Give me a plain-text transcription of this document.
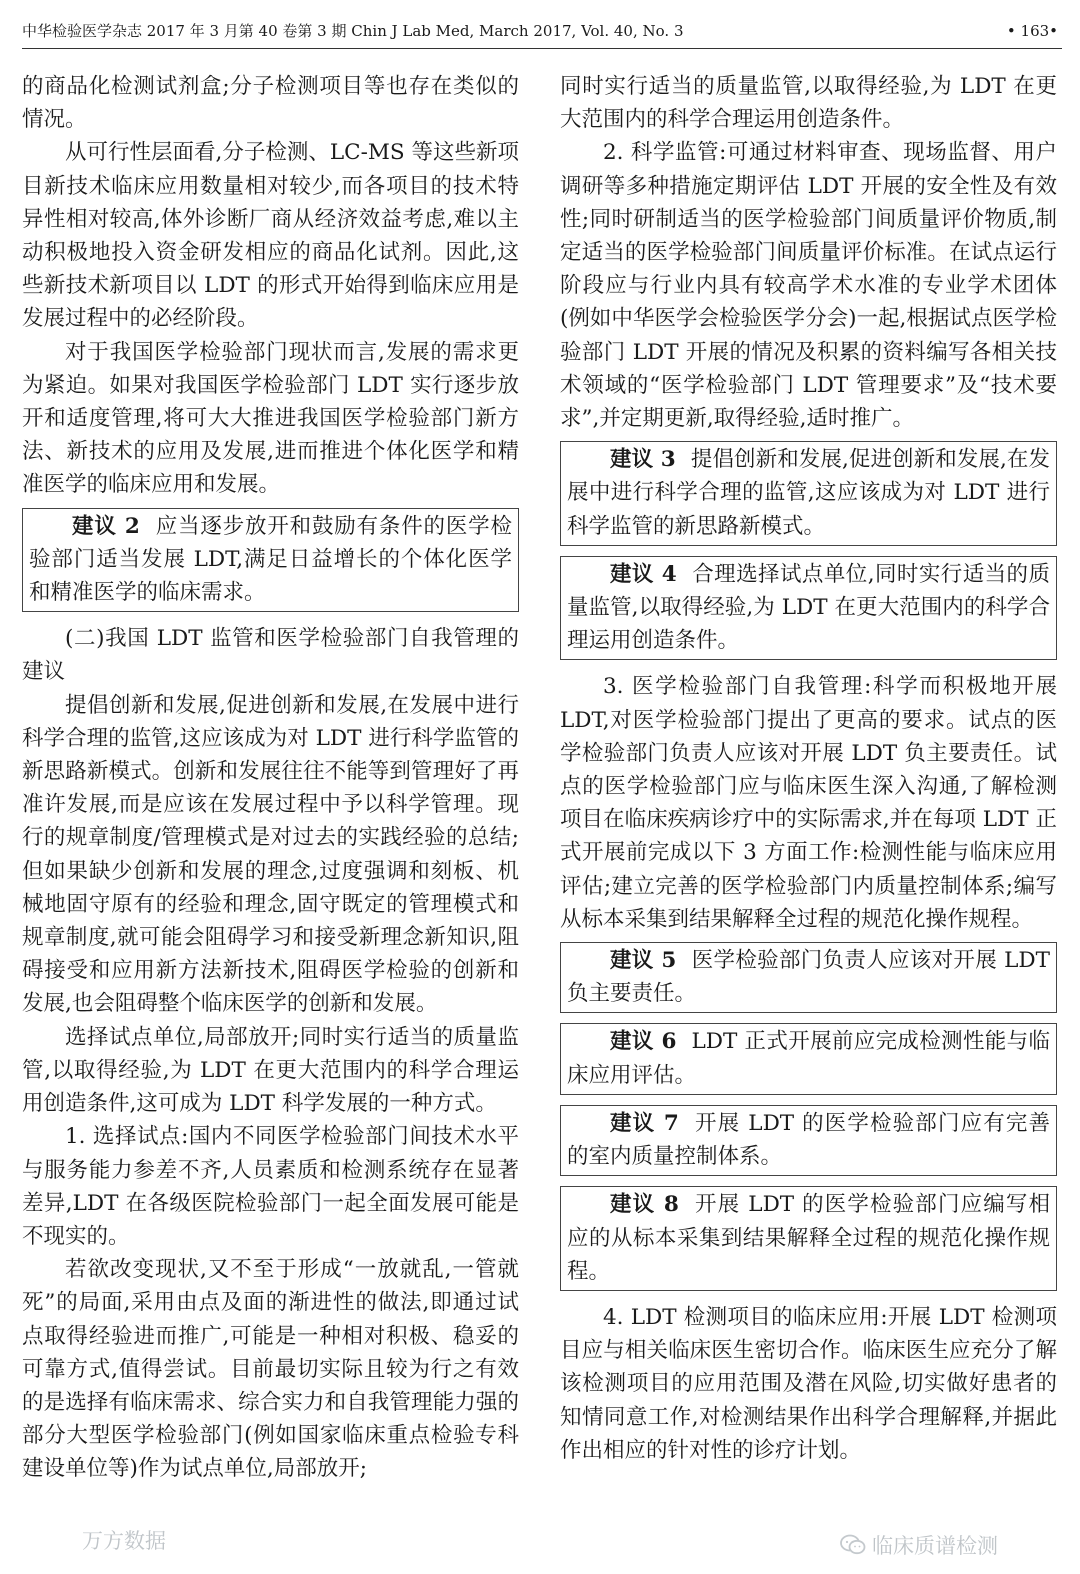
中华检验医学杂志 2017 年 3 月第 40 卷第 3 期 Chin J Lab Med, March 2017, Vol. 40, No. 3	• 163•

的商品化检测试剂盒;分子检测项目等也存在类似的情况。

从可行性层面看,分子检测、LC-MS 等这些新项目新技术临床应用数量相对较少,而各项目的技术特异性相对较高,体外诊断厂商从经济效益考虑,难以主动积极地投入资金研发相应的商品化试剂。因此,这些新技术新项目以 LDT 的形式开始得到临床应用是发展过程中的必经阶段。

对于我国医学检验部门现状而言,发展的需求更为紧迫。如果对我国医学检验部门 LDT 实行逐步放开和适度管理,将可大大推进我国医学检验部门新方法、新技术的应用及发展,进而推进个体化医学和精准医学的临床应用和发展。

建议 2 应当逐步放开和鼓励有条件的医学检验部门适当发展 LDT,满足日益增长的个体化医学和精准医学的临床需求。

(二)我国 LDT 监管和医学检验部门自我管理的建议

提倡创新和发展,促进创新和发展,在发展中进行科学合理的监管,这应该成为对 LDT 进行科学监管的新思路新模式。创新和发展往往不能等到管理好了再准许发展,而是应该在发展过程中予以科学管理。现行的规章制度/管理模式是对过去的实践经验的总结;但如果缺少创新和发展的理念,过度强调和刻板、机械地固守原有的经验和理念,固守既定的管理模式和规章制度,就可能会阻碍学习和接受新理念新知识,阻碍接受和应用新方法新技术,阻碍医学检验的创新和发展,也会阻碍整个临床医学的创新和发展。

选择试点单位,局部放开;同时实行适当的质量监管,以取得经验,为 LDT 在更大范围内的科学合理运用创造条件,这可成为 LDT 科学发展的一种方式。

1. 选择试点:国内不同医学检验部门间技术水平与服务能力参差不齐,人员素质和检测系统存在显著差异,LDT 在各级医院检验部门一起全面发展可能是不现实的。

若欲改变现状,又不至于形成“一放就乱,一管就死”的局面,采用由点及面的渐进性的做法,即通过试点取得经验进而推广,可能是一种相对积极、稳妥的可靠方式,值得尝试。目前最切实际且较为行之有效的是选择有临床需求、综合实力和自我管理能力强的部分大型医学检验部门(例如国家临床重点检验专科建设单位等)作为试点单位,局部放开;

同时实行适当的质量监管,以取得经验,为 LDT 在更大范围内的科学合理运用创造条件。

2. 科学监管:可通过材料审查、现场监督、用户调研等多种措施定期评估 LDT 开展的安全性及有效性;同时研制适当的医学检验部门间质量评价物质,制定适当的医学检验部门间质量评价标准。在试点运行阶段应与行业内具有较高学术水准的专业学术团体(例如中华医学会检验医学分会)一起,根据试点医学检验部门 LDT 开展的情况及积累的资料编写各相关技术领域的“医学检验部门 LDT 管理要求”及“技术要求”,并定期更新,取得经验,适时推广。

建议 3 提倡创新和发展,促进创新和发展,在发展中进行科学合理的监管,这应该成为对 LDT 进行科学监管的新思路新模式。
建议 4 合理选择试点单位,同时实行适当的质量监管,以取得经验,为 LDT 在更大范围内的科学合理运用创造条件。

3. 医学检验部门自我管理:科学而积极地开展 LDT,对医学检验部门提出了更高的要求。试点的医学检验部门负责人应该对开展 LDT 负主要责任。试点的医学检验部门应与临床医生深入沟通,了解检测项目在临床疾病诊疗中的实际需求,并在每项 LDT 正式开展前完成以下 3 方面工作:检测性能与临床应用评估;建立完善的医学检验部门内质量控制体系;编写从标本采集到结果解释全过程的规范化操作规程。

建议 5 医学检验部门负责人应该对开展 LDT 负主要责任。
建议 6 LDT 正式开展前应完成检测性能与临床应用评估。
建议 7 开展 LDT 的医学检验部门应有完善的室内质量控制体系。
建议 8 开展 LDT 的医学检验部门应编写相应的从标本采集到结果解释全过程的规范化操作规程。

4. LDT 检测项目的临床应用:开展 LDT 检测项目应与相关临床医生密切合作。临床医生应充分了解该检测项目的应用范围及潜在风险,切实做好患者的知情同意工作,对检测结果作出科学合理解释,并据此作出相应的针对性的诊疗计划。

万方数据	临床质谱检测
